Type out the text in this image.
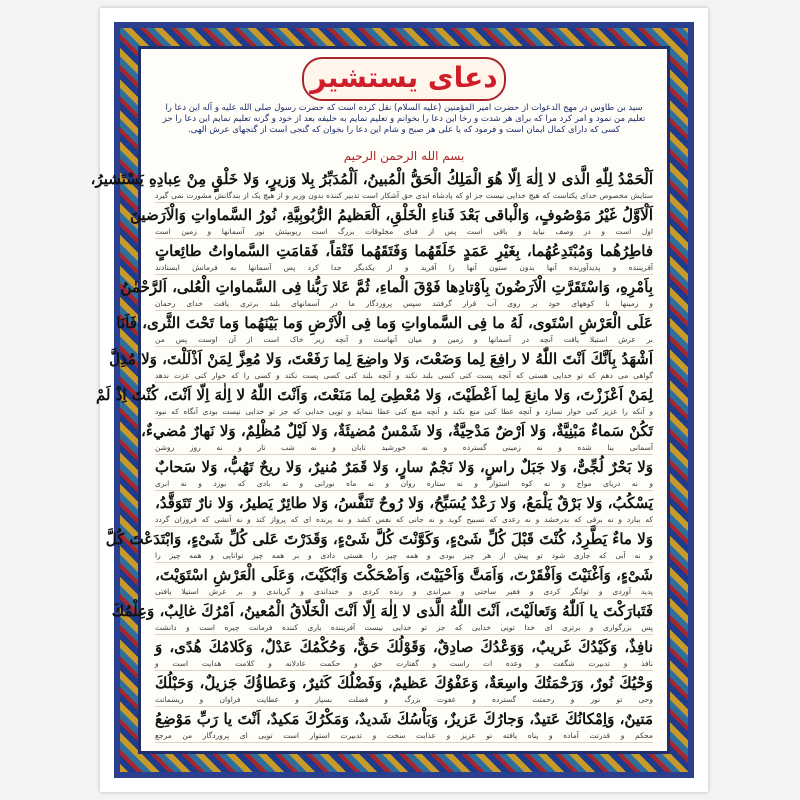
دعای یستشیر
سید بن طاوس در مهج الدعوات از حضرت امیر المؤمنین (علیه السلام) نقل کرده است که حضرت رسول صلی الله علیه و آله این دعا را تعلیم من نمود و امر کرد مرا که براى هر شدت و رخا این دعا را بخوانم و تعلیم نمایم به خلیفه بعد از خود و گرنه تعلیم نمایم این دعا را جز کسی که دارای کمال ایمان است و فرمود که یا علی هر صبح و شام این دعا را بخوان که گنجی است از گنجهای عرش الهی.
بسم الله الرحمن الرحیم
اَلْحَمْدُ لِلّٰهِ الَّذى لا اِلٰهَ اِلّا هُوَ الْمَلِكُ الْحَقُّ الْمُبينُ، اَلْمُدَبِّرُ بِلا وَزيرٍ، وَلا خَلْقٍ مِنْ عِبادِهِ يَسْتَشيرُ،
ستايش مخصوص خدای یکتاست که هیچ خدایی نیست جز او که پادشاه ابدی حق آشکار است تدبیر کننده بدون وزیر و از هیچ یک از بندگانش مشورت نمی گیرد
اَلْاَوَّلُ غَيْرُ مَوْصُوفٍ، وَالْباقى بَعْدَ فَناءِ الْخَلْقِ، اَلْعَظيمُ الرُّبُوبِيَّةِ، نُورُ السَّماواتِ وَالْاَرَضينَ
اول است و در وصف نیاید و باقی است پس از فنای مخلوقات بزرگ است ربوبیتش نور آسمانها و زمین است
فاطِرُهُما وَمُبْتَدِعُهُما، بِغَيْرِ عَمَدٍ خَلَقَهُما وَفَتَقَهُما فَتْقاً، فَقامَتِ السَّماواتُ طائِعاتٍ
آفریننده و پدیدآورنده آنها بدون ستون آنها را آفرید و از یکدیگر جدا کرد پس آسمانها به فرمانش ایستادند
بِاَمْرِهِ، وَاسْتَقَرَّتِ الْاَرَضُونَ بِاَوْتادِها فَوْقَ الْماءِ، ثُمَّ عَلا رَبُّنا فِى السَّماواتِ الْعُلى، اَلرَّحْمٰنُ
و زمینها با کوههای خود بر روی آب قرار گرفتند سپس پروردگار ما در آسمانهای بلند برتری یافت خدای رحمان
عَلَى الْعَرْشِ اسْتَوى، لَهُ ما فِى السَّماواتِ وَما فِى الْاَرْضِ وَما بَيْنَهُما وَما تَحْتَ الثَّرى، فَاَنَا
بر عرش استیلا یافت آنچه در آسمانها و زمین و میان آنهاست و آنچه زیر خاک است از آن اوست پس من
اَشْهَدُ بِاَنَّكَ اَنْتَ اللّٰهُ لا رافِعَ لِما وَضَعْتَ، وَلا واضِعَ لِما رَفَعْتَ، وَلا مُعِزَّ لِمَنْ اَذْلَلْتَ، وَلا مُذِلَّ
گواهی می دهم که تو خدایی هستی که آنچه پست کنی کسی بلند نکند و آنچه بلند کنی کسی پست نکند و کسی را که خوار کنی عزت ندهد
لِمَنْ اَعْزَزْتَ، وَلا مانِعَ لِما اَعْطَيْتَ، وَلا مُعْطِىَ لِما مَنَعْتَ، وَاَنْتَ اللّٰهُ لا اِلٰهَ اِلّا اَنْتَ، كُنْتَ اِذْ لَمْ
و آنکه را عزیز کنی خوار نسازد و آنچه عطا کنی منع نکند و آنچه منع کنی عطا ننماید و تویی خدایی که جز تو خدایی نیست بودی آنگاه که نبود
تَكُنْ سَماءٌ مَبْنِيَّةٌ، وَلا اَرْضٌ مَدْحِيَّةٌ، وَلا شَمْسٌ مُضيئَةٌ، وَلا لَيْلٌ مُظْلِمٌ، وَلا نَهارٌ مُضيءٌ،
آسمانی بنا شده و نه زمینی گسترده و نه خورشید تابان و نه شب تار و نه روز روشن
وَلا بَحْرٌ لُجِّىٌّ، وَلا جَبَلٌ راسٍ، وَلا نَجْمٌ سارٍ، وَلا قَمَرٌ مُنيرٌ، وَلا ريحٌ تَهُبُّ، وَلا سَحابٌ
و نه دریای مواج و نه کوه استوار و نه ستاره روان و نه ماه نورانی و نه بادی که بوزد و نه ابری
يَسْكُبُ، وَلا بَرْقٌ يَلْمَعُ، وَلا رَعْدٌ يُسَبِّحُ، وَلا رُوحٌ تَنَفَّسُ، وَلا طائِرٌ يَطيرُ، وَلا نارٌ تَتَوَقَّدُ،
که ببارد و نه برقی که بدرخشد و نه رعدی که تسبیح گوید و نه جانی که نفس کشد و نه پرنده ای که پرواز کند و نه آتشی که فروزان گردد
وَلا ماءٌ يَطَّرِدُ، كُنْتَ قَبْلَ كُلِّ شَىْءٍ، وَكَوَّنْتَ كُلَّ شَىْءٍ، وَقَدَرْتَ عَلى كُلِّ شَىْءٍ، وَابْتَدَعْتَ كُلَّ
و نه آبی که جاری شود تو پیش از هر چیز بودی و همه چیز را هستی دادی و بر همه چیز توانایی و همه چیز را
شَىْءٍ، وَاَغْنَيْتَ وَاَفْقَرْتَ، وَاَمَتَّ وَاَحْيَيْتَ، وَاَضْحَكْتَ وَاَبْكَيْتَ، وَعَلَى الْعَرْشِ اسْتَوَيْتَ،
پدید آوردی و توانگر کردی و فقیر ساختی و میراندی و زنده کردی و خنداندی و گریاندی و بر عرش استیلا یافتی
فَتَبارَكْتَ يا اَللّٰهُ وَتَعالَيْتَ، اَنْتَ اللّٰهُ الَّذى لا اِلٰهَ اِلّا اَنْتَ الْخَلّاقُ الْمُعينُ، اَمْرُكَ غالِبٌ، وَعِلْمُكَ
پس بزرگواری و برتری ای خدا تویی خدایی که جز تو خدایی نیست آفریننده یاری کننده فرمانت چیره است و دانشت
نافِذٌ، وَكَيْدُكَ غَريبٌ، وَوَعْدُكَ صادِقٌ، وَقَوْلُكَ حَقٌّ، وَحُكْمُكَ عَدْلٌ، وَكَلامُكَ هُدًى، وَ
نافذ و تدبیرت شگفت و وعده ات راست و گفتارت حق و حکمت عادلانه و کلامت هدایت است و
وَحْيُكَ نُورٌ، وَرَحْمَتُكَ واسِعَةٌ، وَعَفْوُكَ عَظيمٌ، وَفَضْلُكَ كَثيرٌ، وَعَطاؤُكَ جَزيلٌ، وَحَبْلُكَ
وحی تو نور و رحمتت گسترده و عفوت بزرگ و فضلت بسیار و عطایت فراوان و ریسمانت
مَتينٌ، وَاِمْكانُكَ عَتيدٌ، وَجارُكَ عَزيزٌ، وَبَاْسُكَ شَديدٌ، وَمَكْرُكَ مَكيدٌ، اَنْتَ يا رَبِّ مَوْضِعُ
محکم و قدرتت آماده و پناه یافته تو عزیز و عذابت سخت و تدبیرت استوار است تویی ای پروردگار من مرجع
